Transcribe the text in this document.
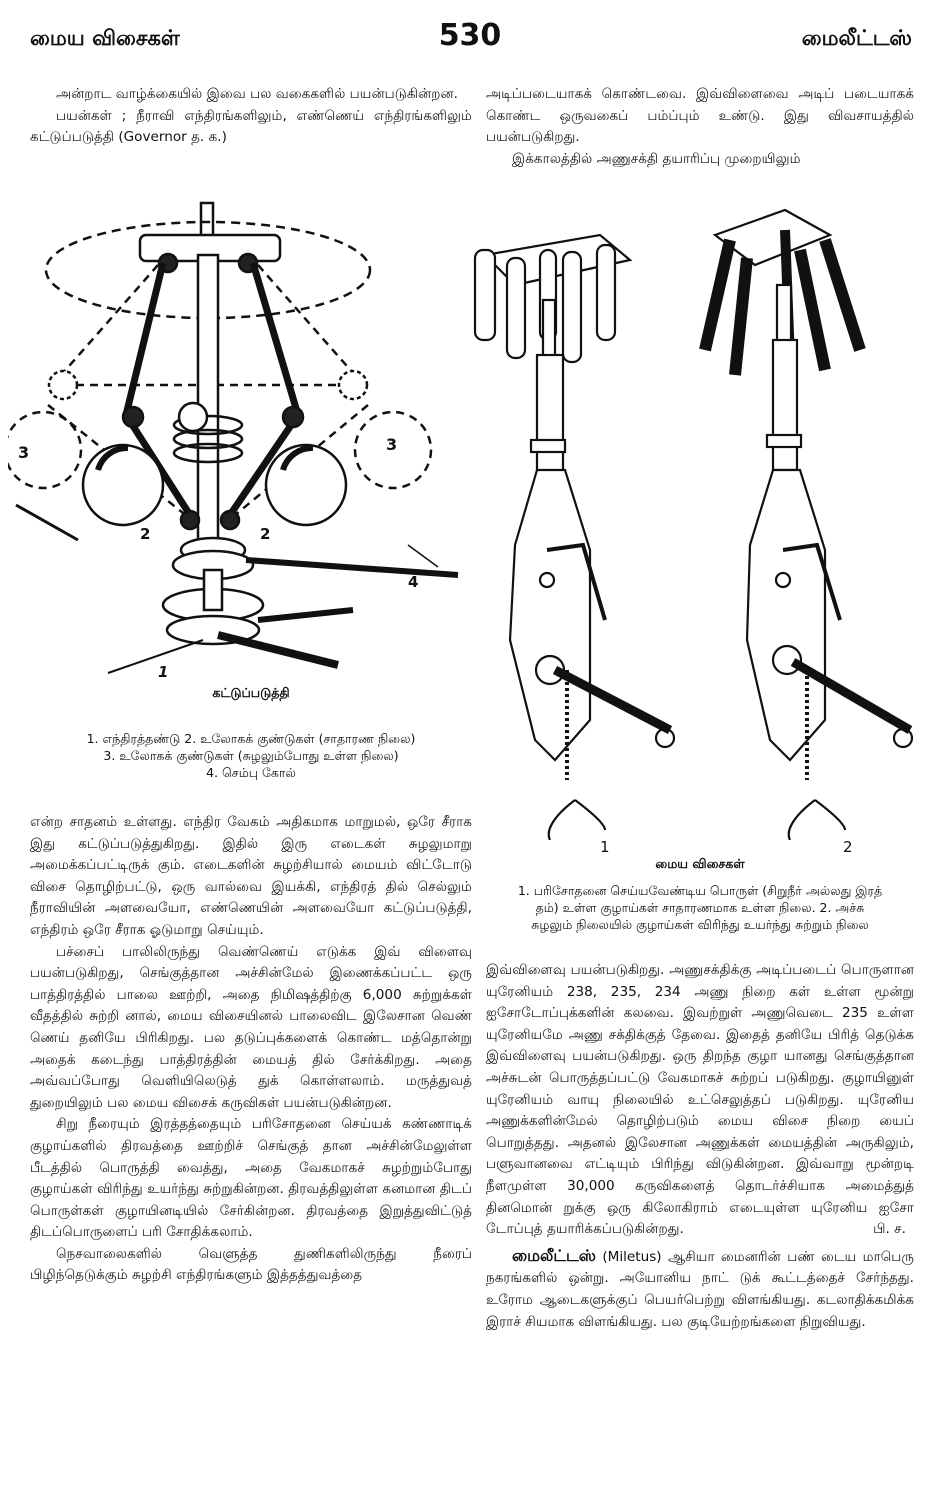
மைய விசைகள்	530	மைலீட்டஸ்

அன்றாட வாழ்க்கையில் இவை பல வகைகளில் பயன்படுகின்றன.

பயன்கள் ; நீராவி எந்திரங்களிலும், எண்ணெய் எந்திரங்களிலும் கட்டுப்படுத்தி (Governor த. க.)

அடிப்படையாகக் கொண்டவை. இவ்விளைவை அடிப் படையாகக் கொண்ட ஒருவகைப் பம்ப்பும் உண்டு. இது விவசாயத்தில் பயன்படுகிறது.

இக்காலத்தில் அணுசக்தி தயாரிப்பு முறையிலும்

3	3
2	2
4
1
கட்டுப்படுத்தி
1. எந்திரத்தண்டு 2. உலோகக் குண்டுகள் (சாதாரண நிலை)
3. உலோகக் குண்டுகள் (சுழலும்போது உள்ள நிலை)
4. செம்பு கோல்
1	2
மைய விசைகள்
1. பரிசோதனை செய்யவேண்டிய பொருள் (சிறுநீர் அல்லது இரத்
தம்) உள்ள குழாய்கள் சாதாரணமாக உள்ள நிலை. 2. அச்சு
சுழலும் நிலையில் குழாய்கள் விரிந்து உயர்ந்து சுற்றும் நிலை

என்ற சாதனம் உள்ளது. எந்திர வேகம் அதிகமாக மாறுமல், ஒரே சீராக இது கட்டுப்படுத்துகிறது. இதில் இரு எடைகள் சுழலுமாறு அமைக்கப்பட்டிருக் கும். எடைகளின் சுழற்சியால் மையம் விட்டோடு விசை தொழிற்பட்டு, ஒரு வால்வை இயக்கி, எந்திரத் தில் செல்லும் நீராவியின் அளவையோ, எண்ணெயின் அளவையோ கட்டுப்படுத்தி, எந்திரம் ஒரே சீராக ஓடுமாறு செய்யும்.

பச்சைப் பாலிலிருந்து வெண்ணெய் எடுக்க இவ் விளைவு பயன்படுகிறது, செங்குத்தான அச்சின்மேல் இணைக்கப்பட்ட ஒரு பாத்திரத்தில் பாலை ஊற்றி, அதை நிமிஷத்திற்கு 6,000 சுற்றுக்கள் வீதத்தில் சுற்றி னால், மைய விசையினல் பாலைவிட இலேசான வெண் ணெய் தனியே பிரிகிறது. பல தடுப்புக்களைக் கொண்ட மத்தொன்று அதைக் கடைந்து பாத்திரத்தின் மையத் தில் சேர்க்கிறது. அதை அவ்வப்போது வெளியிலெடுத் துக் கொள்ளலாம். மருத்துவத் துறையிலும் பல மைய விசைக் கருவிகள் பயன்படுகின்றன.

சிறு நீரையும் இரத்தத்தையும் பரிசோதனை செய்யக் கண்ணாடிக் குழாய்களில் திரவத்தை ஊற்றிச் செங்குத் தான அச்சின்மேலுள்ள பீடத்தில் பொருத்தி வைத்து, அதை வேகமாகச் சுழற்றும்போது குழாய்கள் விரிந்து உயர்ந்து சுற்றுகின்றன. திரவத்திலுள்ள கனமான திடப் பொருள்கள் குழாயினடியில் சேர்கின்றன. திரவத்தை இறுத்துவிட்டுத் திடப்பொருளைப் பரி சோதிக்கலாம்.

நெசவாலைகளில் வெளுத்த துணிகளிலிருந்து நீரைப் பிழிந்தெடுக்கும் சுழற்சி எந்திரங்களும் இத்தத்துவத்தை

இவ்விளைவு பயன்படுகிறது. அணுசக்திக்கு அடிப்படைப் பொருளான யுரேனியம் 238, 235, 234 அணு நிறை கள் உள்ள மூன்று ஐசோடோப்புக்களின் கலவை. இவற்றுள் அணுவெடை 235 உள்ள யுரேனியமே அணு சக்திக்குத் தேவை. இதைத் தனியே பிரித் தெடுக்க இவ்விளைவு பயன்படுகிறது. ஒரு திறந்த குழா யானது செங்குத்தான அச்சுடன் பொருத்தப்பட்டு வேகமாகச் சுற்றப் படுகிறது. குழாயினுள் யுரேனியம் வாயு நிலையில் உட்செலுத்தப் படுகிறது. யுரேனிய அணுக்களின்மேல் தொழிற்படும் மைய விசை நிறை யைப் பொறுத்தது. அதனல் இலேசான அணுக்கள் மையத்தின் அருகிலும், பளுவானவை எட்டியும் பிரிந்து விடுகின்றன. இவ்வாறு மூன்றடி நீளமுள்ள 30,000 கருவிகளைத் தொடர்ச்சியாக அமைத்துத் தினமொன் றுக்கு ஒரு கிலோகிராம் எடையுள்ள யுரேனிய ஐசோ டோப்புத் தயாரிக்கப்படுகின்றது.	பி. ச.

மைலீட்டஸ் (Miletus) ஆசியா மைனரின் பண் டைய மாபெரு நகரங்களில் ஒன்று. அயோனிய நாட் டுக் கூட்டத்தைச் சேர்ந்தது. உரோம ஆடைகளுக்குப் பெயர்பெற்று விளங்கியது. கடலாதிக்கமிக்க இராச் சியமாக விளங்கியது. பல குடியேற்றங்களை நிறுவியது.
